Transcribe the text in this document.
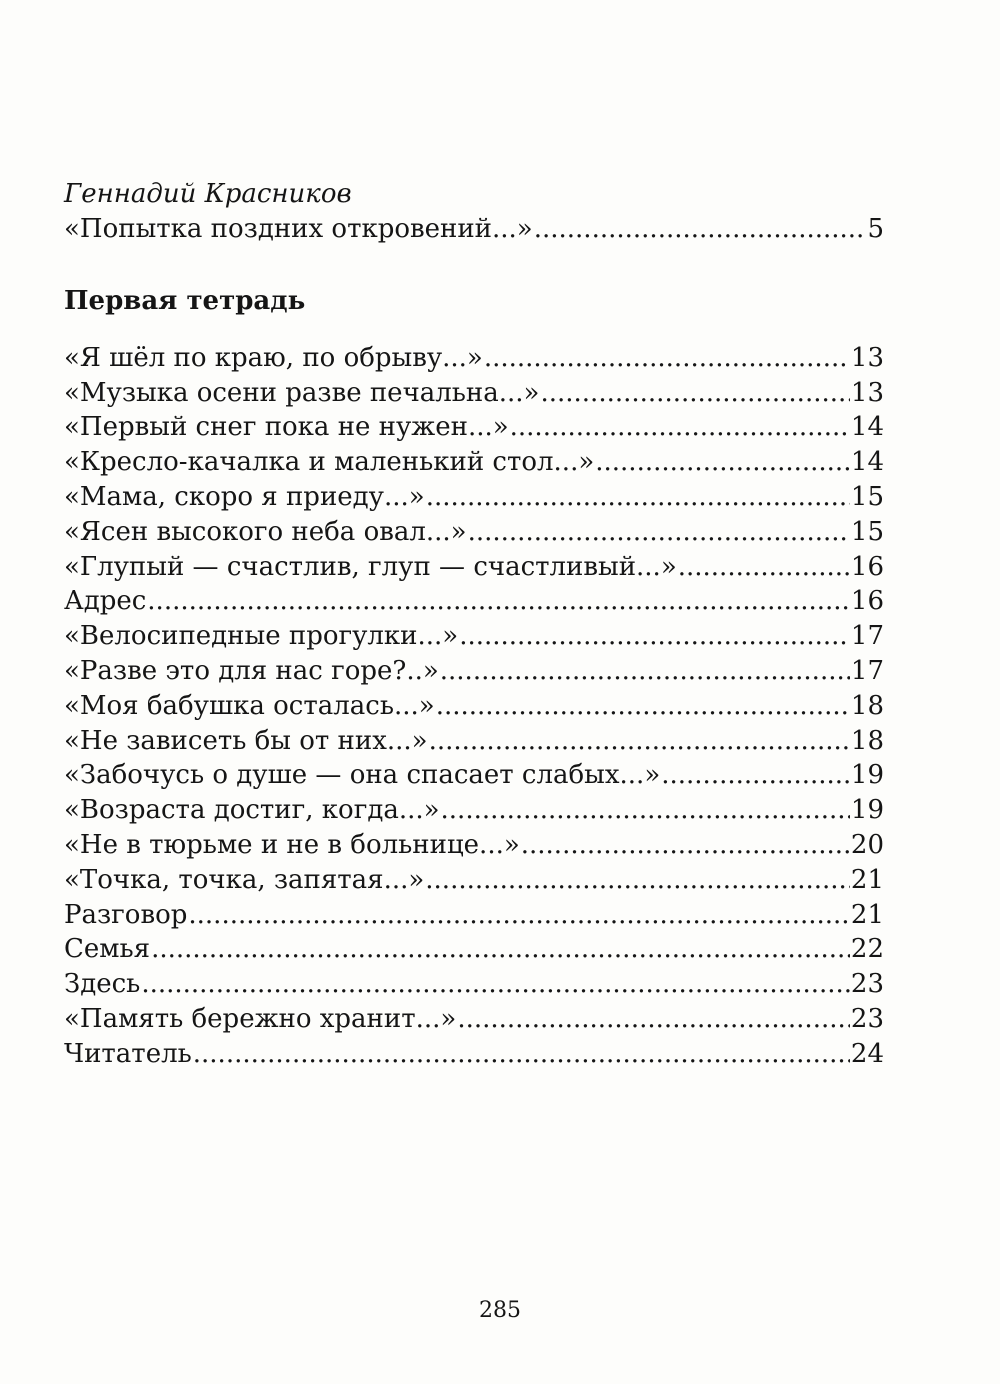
Геннадий Красников
«Попытка поздних откровений...» .....	5
Первая тетрадь
«Я шёл по краю, по обрыву...» .....	13
«Музыка осени разве печальна...» .....	13
«Первый снег пока не нужен...» .....	14
«Кресло-качалка и маленький стол...» .....	14
«Мама, скоро я приеду...» .....	15
«Ясен высокого неба овал...» .....	15
«Глупый — счастлив, глуп — счастливый...» .....	16
Адрес .....	16
«Велосипедные прогулки...» .....	17
«Разве это для нас горе?..» .....	17
«Моя бабушка осталась...» .....	18
«Не зависеть бы от них...» .....	18
«Забочусь о душе — она спасает слабых...» .....	19
«Возраста достиг, когда...» .....	19
«Не в тюрьме и не в больнице...» .....	20
«Точка, точка, запятая...» .....	21
Разговор .....	21
Семья .....	22
Здесь .....	23
«Память бережно хранит...» .....	23
Читатель .....	24
285
